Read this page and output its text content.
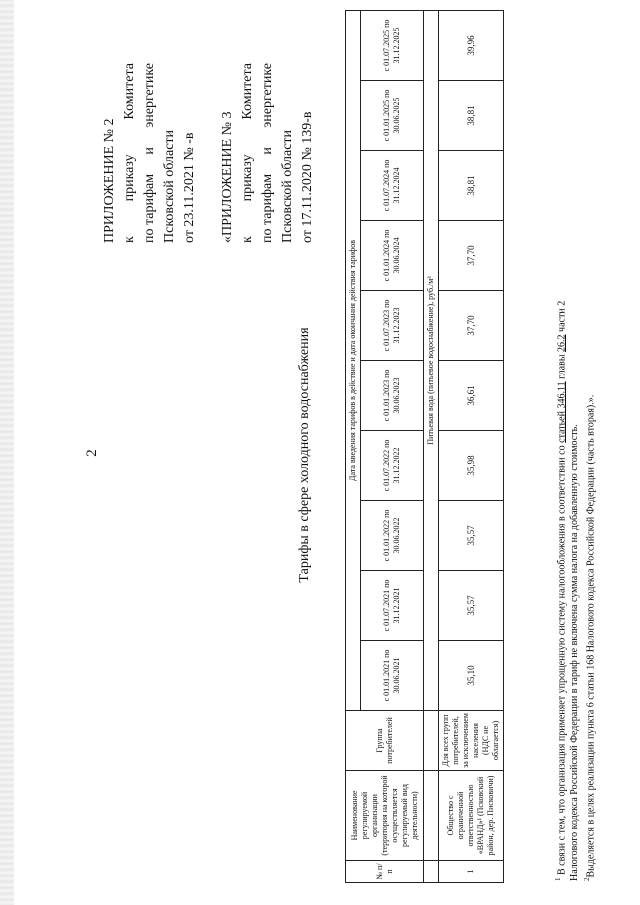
2
ПРИЛОЖЕНИЕ № 2 к
приказу
Комитета
по тарифам
и
энергетике
Псковской области от 23.11.2021 № -в «ПРИЛОЖЕНИЕ № 3 к
приказу
Комитета
по тарифам
и
энергетике
Псковской области от 17.11.2020 № 139-в
Тарифы в сфере холодного водоснабжения
№ п/п	Наименование регулируемой организации (территория на которой осуществляется регулируемый вид деятельности)	Группа потребителей	Дата введения тарифов в действие и дата окончания действия тарифов									
			с 01.01.2021 по 30.06.2021	с 01.07.2021 по 31.12.2021	с 01.01.2022 по 30.06.2022	с 01.07.2022 по 31.12.2022	с 01.01.2023 по 30.06.2023	с 01.07.2023 по 31.12.2023	с 01.01.2024 по 30.06.2024	с 01.07.2024 по 31.12.2024	с 01.01.2025 по 30.06.2025	с 01.07.2025 по 31.12.2025
			Питьевая вода (питьевое водоснабжение), руб./м³									
1	Общество с ограниченной ответственностью «ВРАНД»¹ (Псковский район, дер. Писковичи)	Для всех групп потребителей, за исключением населения (НДС не облагается)	35,10	35,57	35,57	35,98	36,61	37,70	37,70	38,81	38,81	39,96
$^1$ В связи с тем, что организация применяет упрощенную систему налогообложения в соответствии со статьей 346.11 главы 26.2 части 2
Налогового кодекса Российской Федерации в тариф не включена сумма налога на добавленную стоимость. $^2$Выделяется в целях реализации пункта 6 статьи 168 Налогового кодекса Российской Федерации (часть вторая).».
